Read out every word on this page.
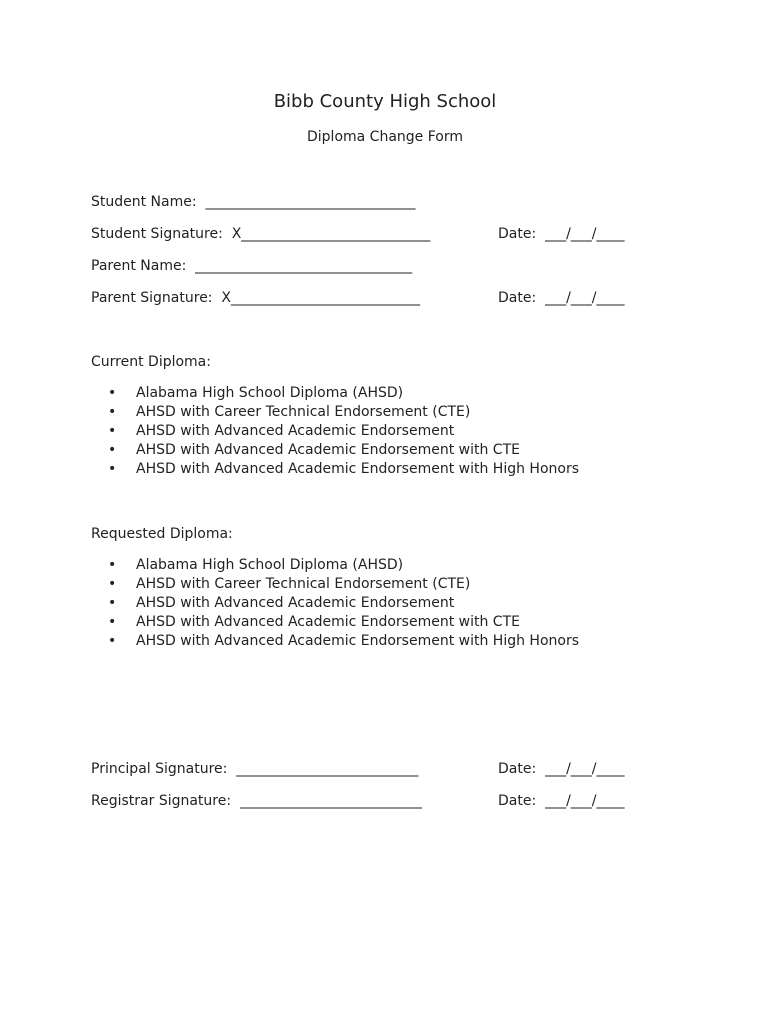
Bibb County High School
Diploma Change Form
Student Name:  ______________________________
Student Signature:  X___________________________	Date:  ___/___/____
Parent Name:  _______________________________
Parent Signature:  X___________________________	Date:  ___/___/____
Current Diploma:
• Alabama High School Diploma (AHSD)
• AHSD with Career Technical Endorsement (CTE)
• AHSD with Advanced Academic Endorsement
• AHSD with Advanced Academic Endorsement with CTE
• AHSD with Advanced Academic Endorsement with High Honors
Requested Diploma:
• Alabama High School Diploma (AHSD)
• AHSD with Career Technical Endorsement (CTE)
• AHSD with Advanced Academic Endorsement
• AHSD with Advanced Academic Endorsement with CTE
• AHSD with Advanced Academic Endorsement with High Honors
Principal Signature:  __________________________	Date:  ___/___/____
Registrar Signature:  __________________________	Date:  ___/___/____
